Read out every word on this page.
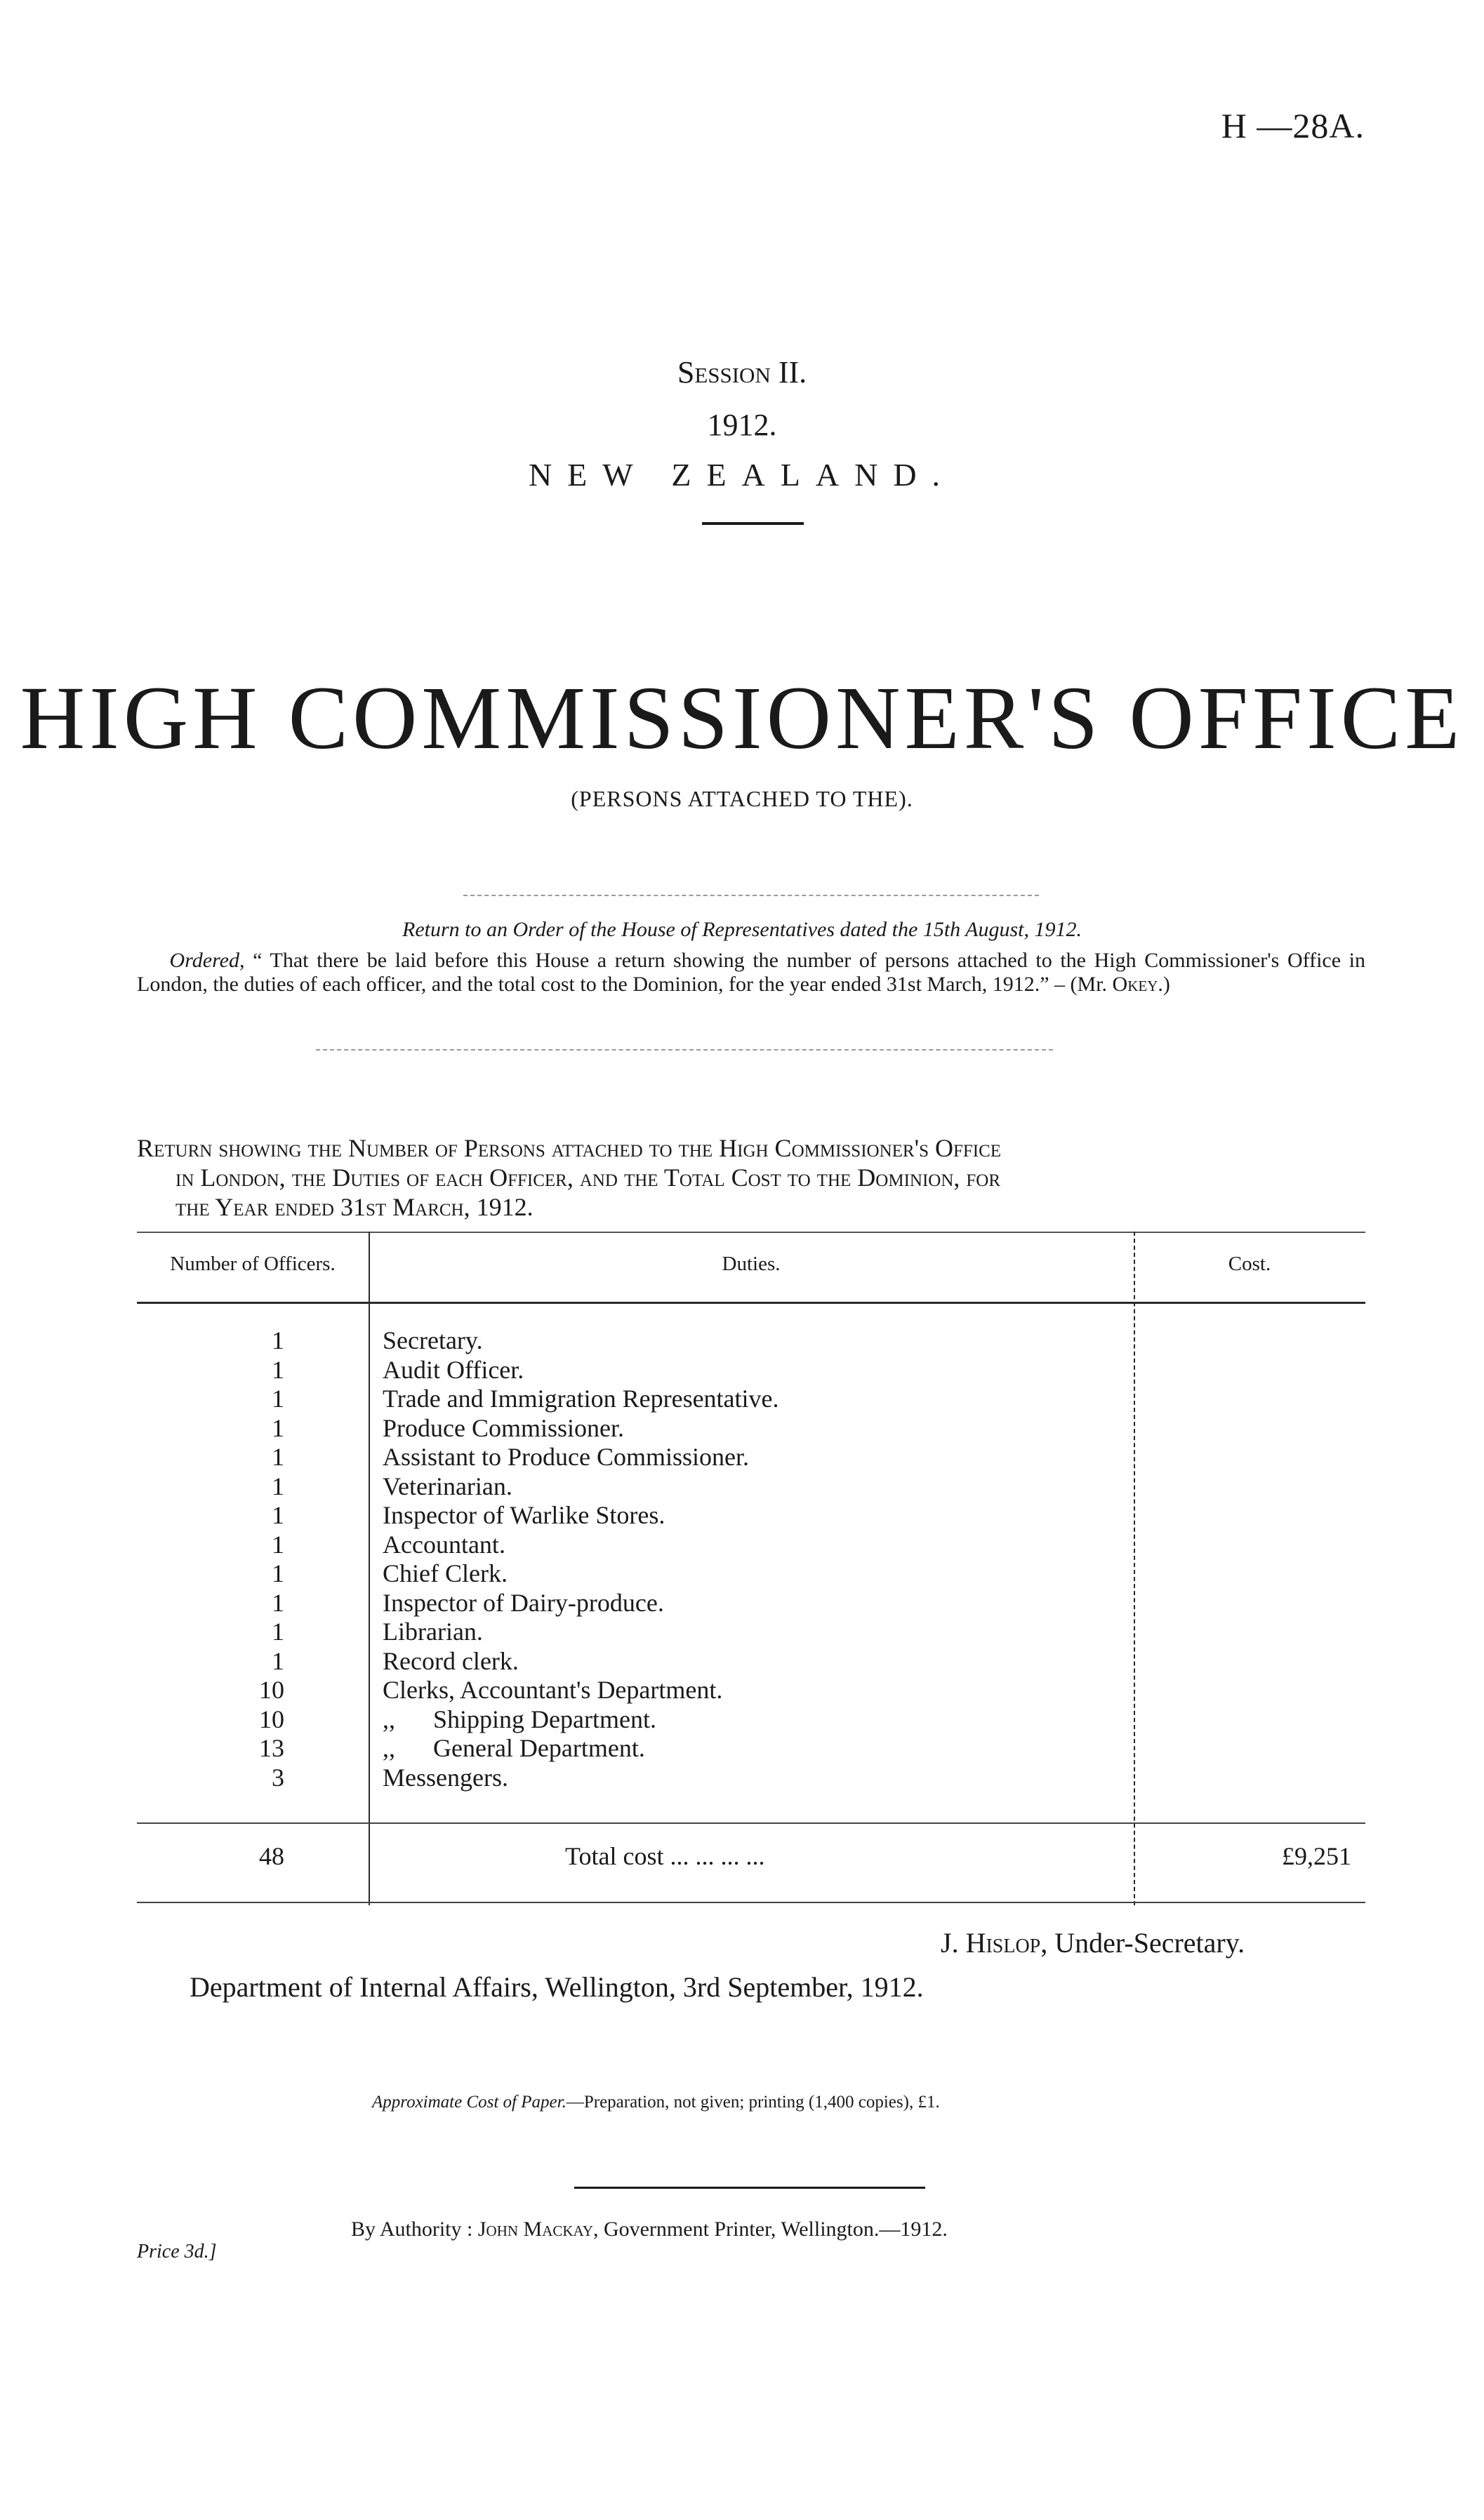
H —28A.
Session II.
1912.
NEW ZEALAND.
HIGH COMMISSIONER'S OFFICE
(PERSONS ATTACHED TO THE).
Return to an Order of the House of Representatives dated the 15th August, 1912.
Ordered, “ That there be laid before this House a return showing the number of persons attached to the High Commissioner's Office in London, the duties of each officer, and the total cost to the Dominion, for the year ended 31st March, 1912.” – (Mr. Okey.)
Return showing the Number of Persons attached to the High Commissioner's Office
in London, the Duties of each Officer, and the Total Cost to the Dominion, for
the Year ended 31st March, 1912.
Number of Officers.	Duties.	Cost.
1	Secretary.
1	Audit Officer.
1	Trade and Immigration Representative.
1	Produce Commissioner.
1	Assistant to Produce Commissioner.
1	Veterinarian.
1	Inspector of Warlike Stores.
1	Accountant.
1	Chief Clerk.
1	Inspector of Dairy-produce.
1	Librarian.
1	Record clerk.
10	Clerks, Accountant's Department.
10	,,      Shipping Department.
13	,,      General Department.
3	Messengers.
48	Total cost ... ... ... ...	£9,251
J. Hislop, Under-Secretary.
Department of Internal Affairs, Wellington, 3rd September, 1912.
Approximate Cost of Paper.—Preparation, not given; printing (1,400 copies), £1.
By Authority : John Mackay, Government Printer, Wellington.—1912.
Price 3d.]
